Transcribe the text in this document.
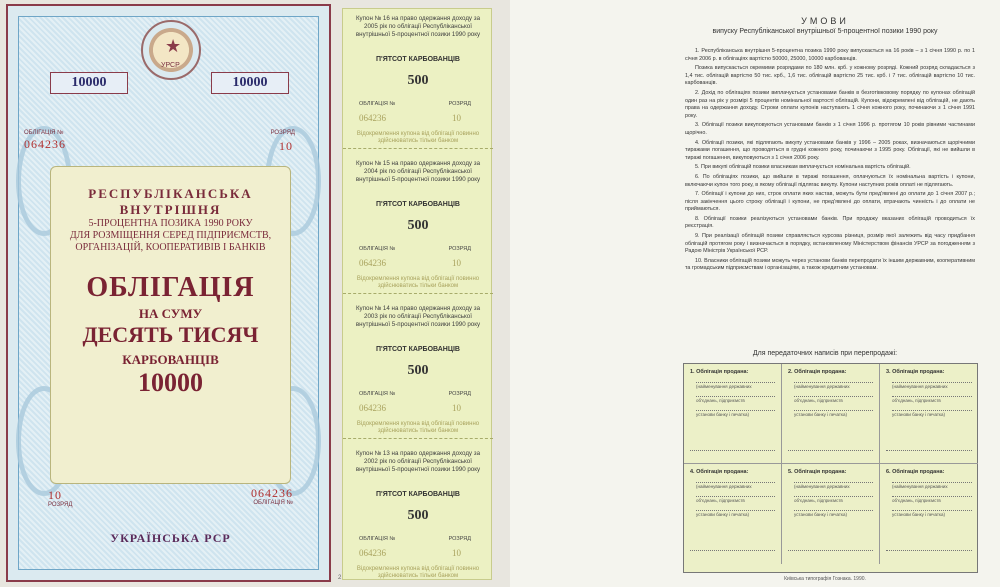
★
УРСР
10000	10000
ОБЛІГАЦІЯ №
064236
РОЗРЯД
10
РЕСПУБЛІКАНСЬКА
ВНУТРІШНЯ
5-ПРОЦЕНТНА ПОЗИКА 1990 РОКУ
ДЛЯ РОЗМІЩЕННЯ СЕРЕД ПІДПРИЄМСТВ,
ОРГАНІЗАЦІЙ, КООПЕРАТИВІВ І БАНКІВ
ОБЛІГАЦІЯ
НА СУМУ
ДЕСЯТЬ ТИСЯЧ
КАРБОВАНЦІВ
10000
10
РОЗРЯД
064236
ОБЛІГАЦІЯ №
УКРАЇНСЬКА РСР
2
Купон № 16 на право одержання доходу за 2005 рік по облігації Республіканської внутрішньої 5-процентної позики 1990 року
П'ЯТСОТ КАРБОВАНЦІВ
500
ОБЛІГАЦІЯ №	РОЗРЯД
064236	10
Відокремлення купона від облігації повинно здійснюватись тільки банком
Купон № 15 на право одержання доходу за 2004 рік по облігації Республіканської внутрішньої 5-процентної позики 1990 року
П'ЯТСОТ КАРБОВАНЦІВ
500
ОБЛІГАЦІЯ №	РОЗРЯД
064236	10
Відокремлення купона від облігації повинно здійснюватись тільки банком
Купон № 14 на право одержання доходу за 2003 рік по облігації Республіканської внутрішньої 5-процентної позики 1990 року
П'ЯТСОТ КАРБОВАНЦІВ
500
ОБЛІГАЦІЯ №	РОЗРЯД
064236	10
Відокремлення купона від облігації повинно здійснюватись тільки банком
Купон № 13 на право одержання доходу за 2002 рік по облігації Республіканської внутрішньої 5-процентної позики 1990 року
П'ЯТСОТ КАРБОВАНЦІВ
500
ОБЛІГАЦІЯ №	РОЗРЯД
064236	10
Відокремлення купона від облігації повинно здійснюватись тільки банком
УМОВИ
випуску Республіканської внутрішньої 5-процентної позики 1990 року

1. Республіканська внутрішня 5-процентна позика 1990 року випускається на 16 років – з 1 січня 1990 р. по 1 січня 2006 р. в облігаціях вартістю 50000, 25000, 10000 карбованців.

Позика випускається окремими розрядами по 180 млн. крб. у кожному розряді. Кожний розряд складається з 1,4 тис. облігацій вартістю 50 тис. крб., 1,6 тис. облігацій вартістю 25 тис. крб. і 7 тис. облігацій вартістю 10 тис. карбованців.

2. Дохід по облігаціях позики виплачується установами банків в безготівковому порядку по купонах облігацій один раз на рік у розмірі 5 процентів номінальної вартості облігацій. Купони, відокремлені від облігацій, не дають права на одержання доходу. Строки оплати купонів наступають 1 січня кожного року, починаючи з 1 січня 1991 року.

3. Облігації позики викуповуються установами банків з 1 січня 1996 р. протягом 10 років рівними частинами щорічно.

4. Облігації позики, які підлягають викупу установами банків у 1996 – 2005 роках, визначаються щорічними тиражами погашення, що проводяться в грудні кожного року, починаючи з 1995 року. Облігації, які не вийшли в тиражі погашення, викуповуються з 1 січня 2006 року.

5. При викупі облігацій позики власникам виплачується номінальна вартість облігацій.

6. По облігаціях позики, що вийшли в тиражі погашення, оплачуються їх номінальна вартість і купони, включаючи купон того року, в якому облігації підлягає викупу. Купони наступних років оплаті не підлягають.

7. Облігації і купони до них, строк оплати яких настав, можуть бути пред'явлені до оплати до 1 січня 2007 р.; після закінчення цього строку облігації і купони, не пред'явлені до оплати, втрачають чинність і до оплати не приймаються.

8. Облігації позики реалізуються установами банків. При продажу вказаних облігацій проводиться їх реєстрація.

9. При реалізації облігацій позики справляється курсова різниця, розмір якої залежить від часу придбання облігацій протягом року і визначається в порядку, встановленому Міністерством фінансів УРСР за погодженням з Радою Міністрів Української РСР.

10. Власники облігацій позики можуть через установи банків перепродати їх іншим державним, кооперативним та громадським підприємствам і організаціям, а також кредитним установам.

Для передаточних написів при перепродажі:
1. Облігація продана:
(найменування державних
об'єднань, підприємств
установи банку і печатка)
2. Облігація продана:
(найменування державних
об'єднань, підприємств
установи банку і печатка)
3. Облігація продана:
(найменування державних
об'єднань, підприємств
установи банку і печатка)
4. Облігація продана:
(найменування державних
об'єднань, підприємств
установи банку і печатка)
5. Облігація продана:
(найменування державних
об'єднань, підприємств
установи банку і печатка)
6. Облігація продана:
(найменування державних
об'єднань, підприємств
установи банку і печатка)
Київська типографія Гознака. 1990.
